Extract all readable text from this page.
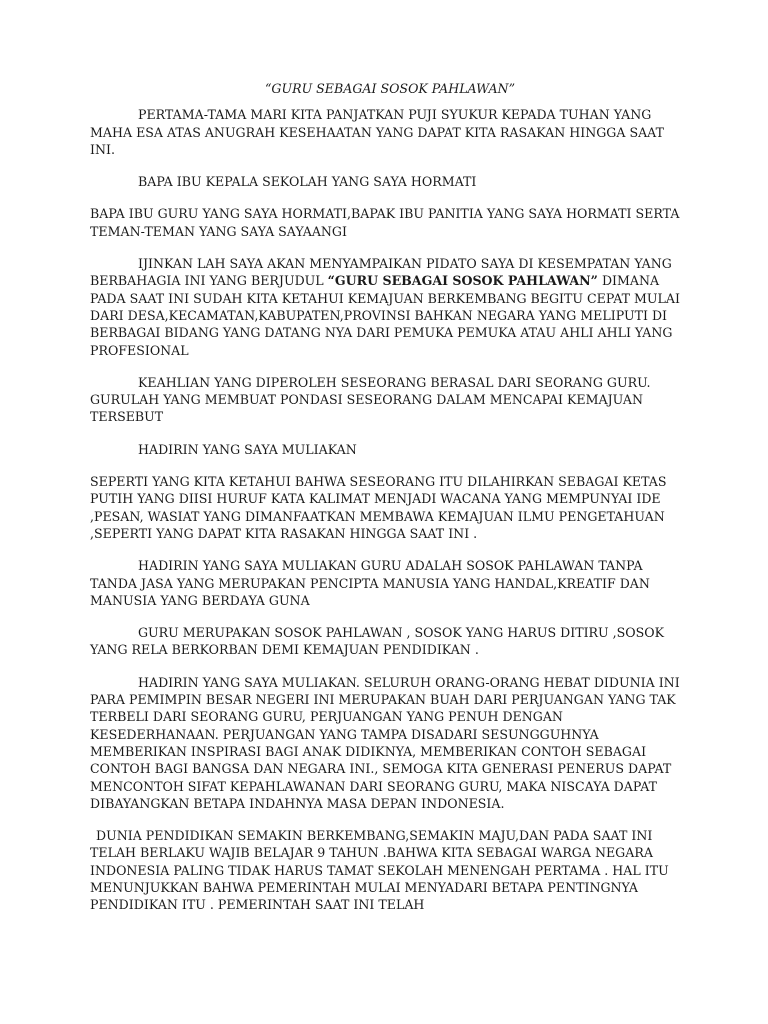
“GURU SEBAGAI SOSOK PAHLAWAN”

PERTAMA-TAMA MARI KITA PANJATKAN PUJI SYUKUR KEPADA TUHAN YANG MAHA ESA ATAS ANUGRAH KESEHAATAN YANG DAPAT KITA RASAKAN HINGGA SAAT INI.

BAPA IBU KEPALA SEKOLAH YANG SAYA HORMATI

BAPA IBU GURU YANG SAYA HORMATI,BAPAK IBU PANITIA YANG SAYA HORMATI SERTA TEMAN-TEMAN YANG SAYA SAYAANGI

IJINKAN LAH SAYA AKAN MENYAMPAIKAN PIDATO SAYA DI KESEMPATAN YANG BERBAHAGIA INI YANG BERJUDUL “GURU SEBAGAI SOSOK PAHLAWAN” DIMANA PADA SAAT INI SUDAH KITA KETAHUI KEMAJUAN BERKEMBANG BEGITU CEPAT MULAI DARI DESA,KECAMATAN,KABUPATEN,PROVINSI BAHKAN NEGARA YANG MELIPUTI DI BERBAGAI BIDANG YANG DATANG NYA DARI PEMUKA PEMUKA ATAU AHLI AHLI YANG PROFESIONAL

KEAHLIAN YANG DIPEROLEH SESEORANG BERASAL DARI SEORANG GURU. GURULAH YANG MEMBUAT PONDASI SESEORANG DALAM MENCAPAI KEMAJUAN TERSEBUT

HADIRIN YANG SAYA MULIAKAN

SEPERTI YANG KITA KETAHUI BAHWA SESEORANG ITU DILAHIRKAN SEBAGAI KETAS PUTIH YANG DIISI HURUF KATA KALIMAT MENJADI WACANA YANG MEMPUNYAI IDE ,PESAN, WASIAT YANG DIMANFAATKAN MEMBAWA KEMAJUAN ILMU PENGETAHUAN ,SEPERTI YANG DAPAT KITA RASAKAN HINGGA SAAT INI .

HADIRIN YANG SAYA MULIAKAN GURU ADALAH SOSOK PAHLAWAN TANPA TANDA JASA YANG MERUPAKAN PENCIPTA MANUSIA YANG HANDAL,KREATIF DAN MANUSIA YANG BERDAYA GUNA

GURU MERUPAKAN SOSOK PAHLAWAN , SOSOK YANG HARUS DITIRU ,SOSOK YANG RELA BERKORBAN DEMI KEMAJUAN PENDIDIKAN .

HADIRIN YANG SAYA MULIAKAN. SELURUH ORANG-ORANG HEBAT DIDUNIA INI PARA PEMIMPIN BESAR NEGERI INI MERUPAKAN BUAH DARI PERJUANGAN YANG TAK TERBELI DARI SEORANG GURU, PERJUANGAN YANG PENUH DENGAN KESEDERHANAAN. PERJUANGAN YANG TAMPA DISADARI SESUNGGUHNYA MEMBERIKAN INSPIRASI BAGI ANAK DIDIKNYA, MEMBERIKAN CONTOH SEBAGAI CONTOH BAGI BANGSA DAN NEGARA INI., SEMOGA KITA GENERASI PENERUS DAPAT MENCONTOH SIFAT KEPAHLAWANAN DARI SEORANG GURU, MAKA NISCAYA DAPAT DIBAYANGKAN BETAPA INDAHNYA MASA DEPAN INDONESIA.

DUNIA PENDIDIKAN SEMAKIN BERKEMBANG,SEMAKIN MAJU,DAN PADA SAAT INI TELAH BERLAKU WAJIB BELAJAR 9 TAHUN .BAHWA KITA SEBAGAI WARGA NEGARA INDONESIA PALING TIDAK HARUS TAMAT SEKOLAH MENENGAH PERTAMA . HAL ITU MENUNJUKKAN BAHWA PEMERINTAH MULAI MENYADARI BETAPA PENTINGNYA PENDIDIKAN ITU . PEMERINTAH SAAT INI TELAH
